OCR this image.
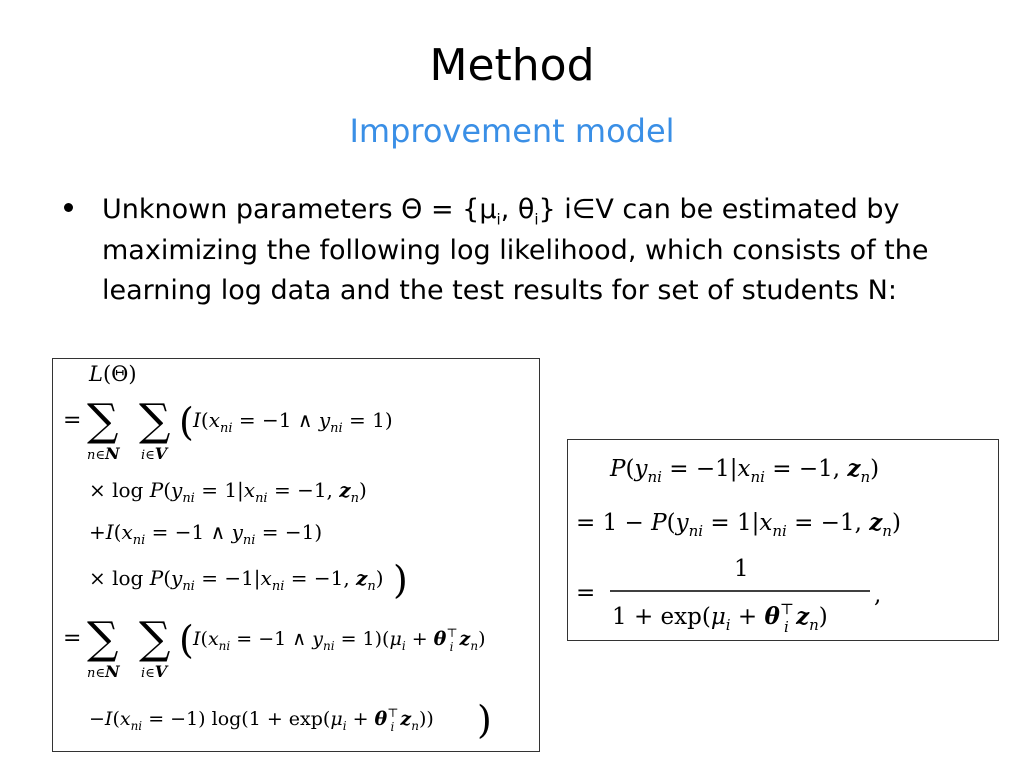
Method
Improvement model
Unknown parameters $\Theta = \{\mu_i$, $\theta_i$} i∈V can be estimated by maximizing the following log likelihood, which consists of the learning log data and the test results for set of students N:
L(Θ)
= ∑ ∑
n∈N i∈V
( $I(x_{ni} = -1$ ∧ $y_{ni} = 1$)
× $\log P(y_{ni} = 1|x_{ni} = -1$, $z_n$)
$+I(x_{ni} = -1$ ∧ $y_{ni} = -1$)
× $\log P(y_{ni} = -1|x_{ni} = -1$, $z_n$) )
= ∑ ∑
n∈N i∈V
( $I(x_{ni} = -1$ ∧ $y_{ni} = 1)(\mu_i + \theta^⊤$ i $z_n$)
$-I(x_{ni} = -1) \log(1 + \exp(\mu_i + \theta^⊤$ i $z_n$)) )
$P(y_{ni} = -1|x_{ni} = -1$, $z_n$)
= $1 - P(y_{ni} = 1|x_{ni} = -1$, $z_n$)
=
1
$1 + \exp(\mu_i + \theta^⊤$ i $z_n$)
,
